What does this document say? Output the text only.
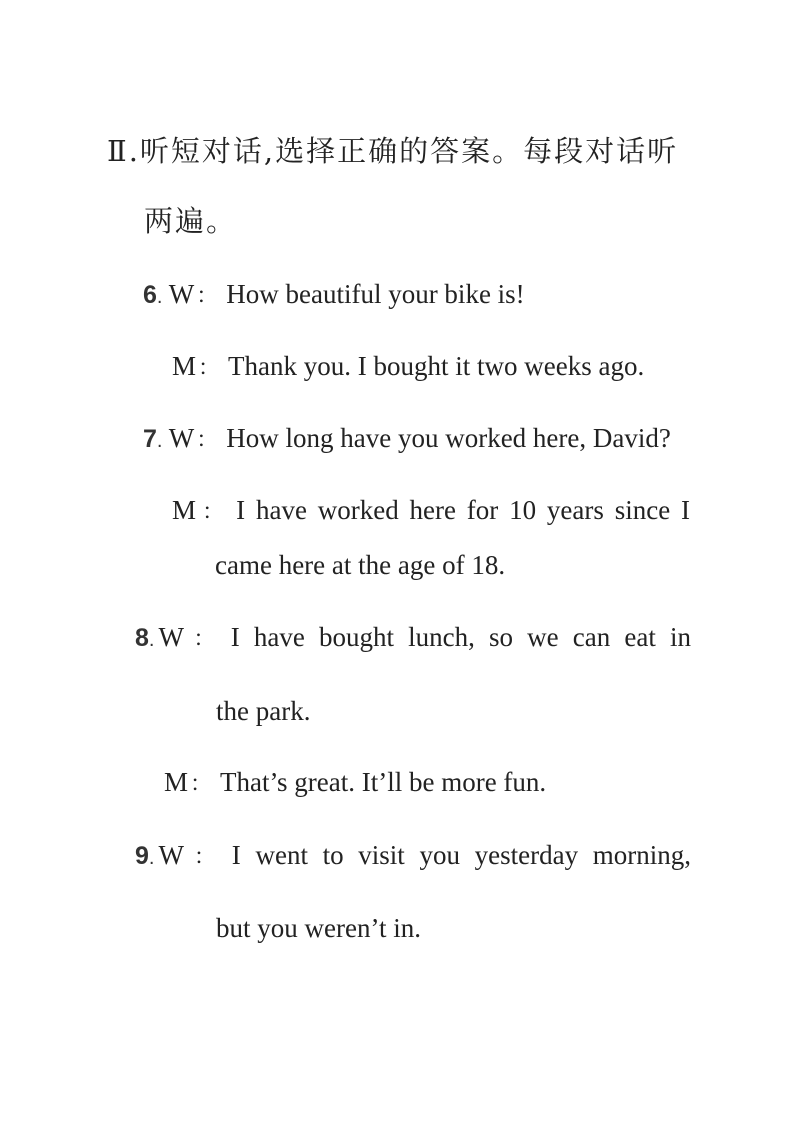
Ⅱ.听短对话,选择正确的答案。每段对话听
两遍。
6. W： How beautiful your bike is!
M： Thank you. I bought it two weeks ago.
7. W： How long have you worked here, David?
M： I have worked here for 10 years since I
came here at the age of 18.
8. W： I have bought lunch, so we can eat in
the park.
M： That’s great. It’ll be more fun.
9. W： I went to visit you yesterday morning,
but you weren’t in.
